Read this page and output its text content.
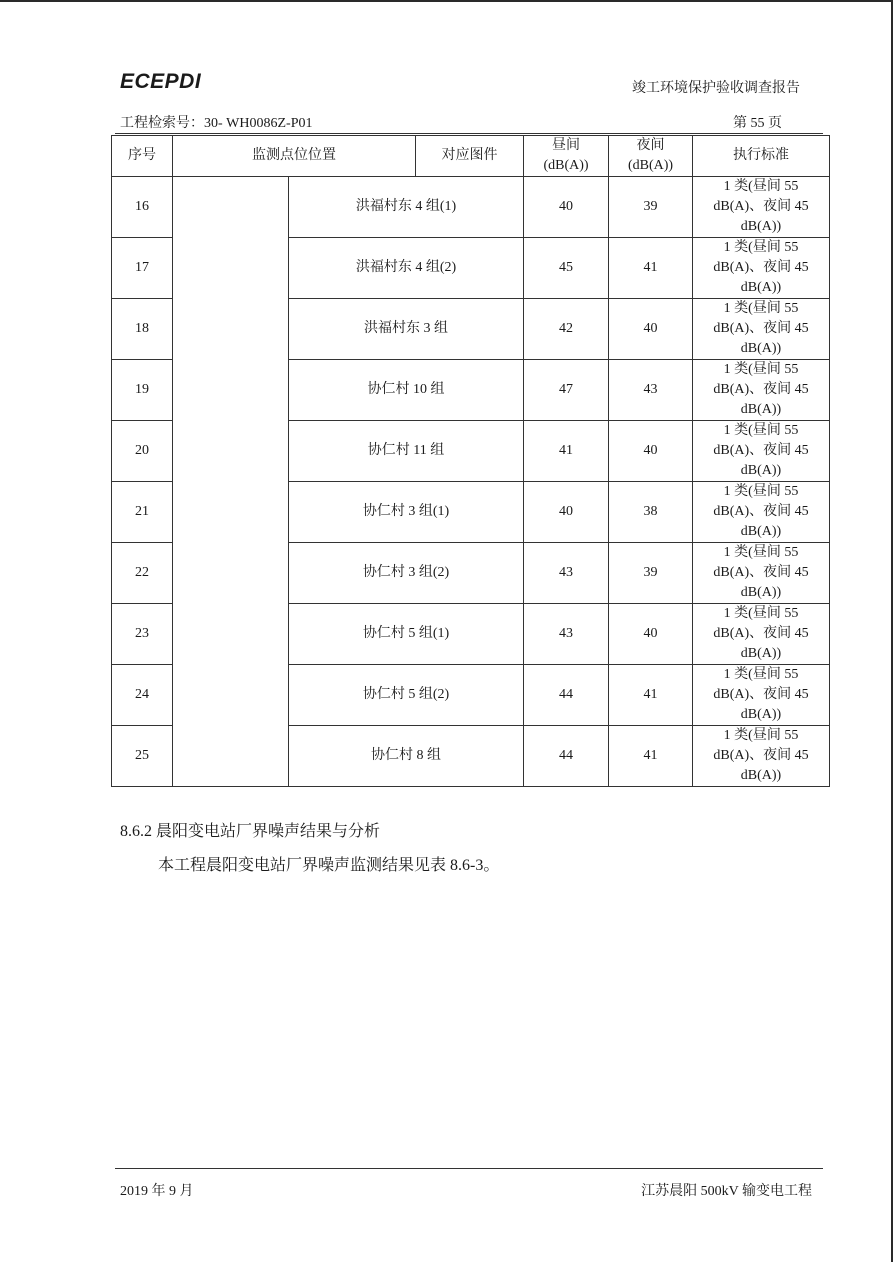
ECEPDI	竣工环境保护验收调查报告
工程检索号：30- WH0086Z-P01	第 55 页
序号	监测点位位置		对应图件	昼间
(dB(A))	夜间
(dB(A))	执行标准
16		洪福村东 4 组(1)		40	39	1 类(昼间 55
dB(A)、夜间 45
dB(A))
17		洪福村东 4 组(2)		45	41	1 类(昼间 55
dB(A)、夜间 45
dB(A))
18		洪福村东 3 组		42	40	1 类(昼间 55
dB(A)、夜间 45
dB(A))
19		协仁村 10 组		47	43	1 类(昼间 55
dB(A)、夜间 45
dB(A))
20		协仁村 11 组		41	40	1 类(昼间 55
dB(A)、夜间 45
dB(A))
21		协仁村 3 组(1)		40	38	1 类(昼间 55
dB(A)、夜间 45
dB(A))
22		协仁村 3 组(2)		43	39	1 类(昼间 55
dB(A)、夜间 45
dB(A))
23		协仁村 5 组(1)		43	40	1 类(昼间 55
dB(A)、夜间 45
dB(A))
24		协仁村 5 组(2)		44	41	1 类(昼间 55
dB(A)、夜间 45
dB(A))
25		协仁村 8 组		44	41	1 类(昼间 55
dB(A)、夜间 45
dB(A))
8.6.2 晨阳变电站厂界噪声结果与分析
本工程晨阳变电站厂界噪声监测结果见表 8.6-3。
2019 年 9 月	江苏晨阳 500kV 输变电工程
